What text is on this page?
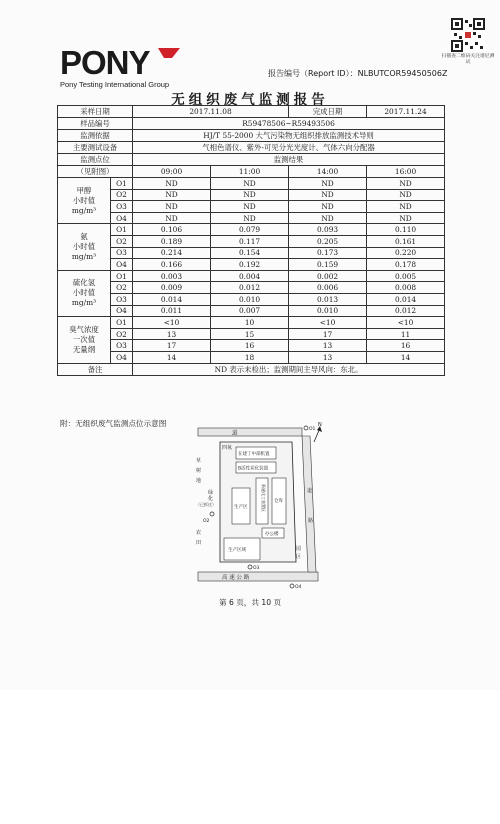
PONY
Pony Testing International Group
扫描查二维码关注谱尼测试
报告编号（Report ID）：NLBUTCOR59450506Z
无组织废气监测报告
采样日期		2017.11.08		完成日期	2017.11.24
样品编号		R59478506~R59493506			
监测依据		HJ/T 55-2000 大气污染物无组织排放监测技术导则			
主要测试设备		气相色谱仪、紫外-可见分光光度计、气体六向分配器			
监测点位		监测结果			
（见附图）		09:00	11:00	14:00	16:00

甲醇
小时值
mg/m³	O1	ND	ND	ND	ND
	O2	ND	ND	ND	ND
	O3	ND	ND	ND	ND
	O4	ND	ND	ND	ND

氨
小时值
mg/m³	O1	0.106	0.079	0.093	0.110
	O2	0.189	0.117	0.205	0.161
	O3	0.214	0.154	0.173	0.220
	O4	0.166	0.192	0.159	0.178

硫化氢
小时值
mg/m³	O1	0.003	0.004	0.002	0.005
	O2	0.009	0.012	0.006	0.008
	O3	0.014	0.010	0.013	0.014
	O4	0.011	0.007	0.010	0.012

臭气浓度
一次值
无量纲	O1	<10	10	<10	<10
	O2	13	15	17	11
	O3	17	16	13	16
	O4	14	18	13	14
备注		ND 表示未检出；监测期间主导风向：东北。			
附：无组织废气监测点位示意图
道
高 速 公 路
草
树
地
农
田
道
路
N
四氧
在建丁中部机置
B活性炭化装置
新建化工装置区 仓库
生产区
生产区域
办公楼
绿
化
（已拆迁）
园
区
O1
O2
O3
O4
第 6 页，共 10 页
